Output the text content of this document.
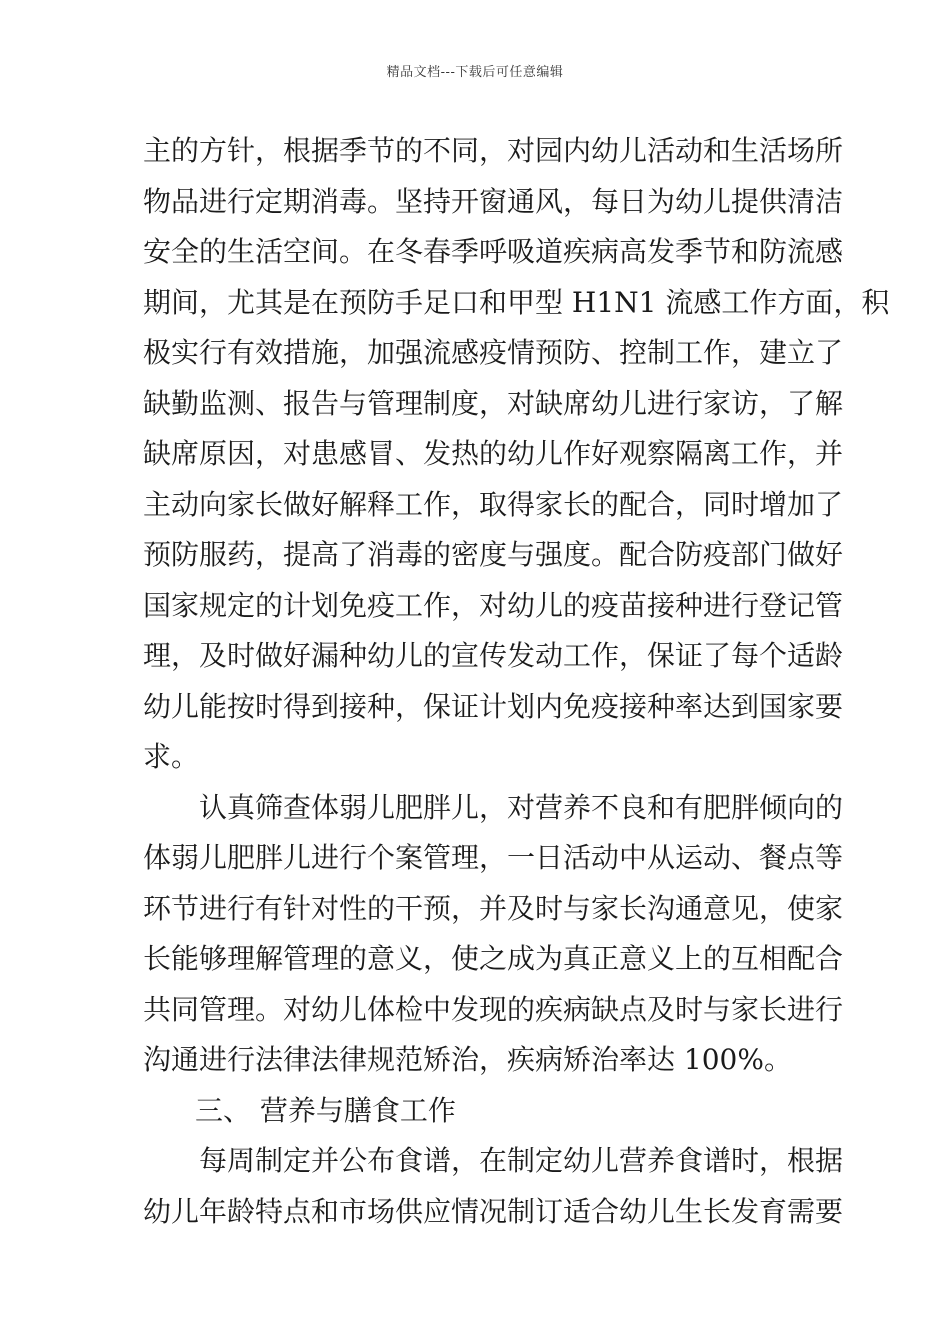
精品文档---下载后可任意编辑
主的方针，根据季节的不同，对园内幼儿活动和生活场所
物品进行定期消毒。坚持开窗通风，每日为幼儿提供清洁
安全的生活空间。在冬春季呼吸道疾病高发季节和防流感
期间，尤其是在预防手足口和甲型 H1N1 流感工作方面，积
极实行有效措施，加强流感疫情预防、控制工作，建立了
缺勤监测、报告与管理制度，对缺席幼儿进行家访，了解
缺席原因，对患感冒、发热的幼儿作好观察隔离工作，并
主动向家长做好解释工作，取得家长的配合，同时增加了
预防服药，提高了消毒的密度与强度。配合防疫部门做好
国家规定的计划免疫工作，对幼儿的疫苗接种进行登记管
理，及时做好漏种幼儿的宣传发动工作，保证了每个适龄
幼儿能按时得到接种，保证计划内免疫接种率达到国家要
求。
认真筛查体弱儿肥胖儿，对营养不良和有肥胖倾向的
体弱儿肥胖儿进行个案管理，一日活动中从运动、餐点等
环节进行有针对性的干预，并及时与家长沟通意见，使家
长能够理解管理的意义，使之成为真正意义上的互相配合
共同管理。对幼儿体检中发现的疾病缺点及时与家长进行
沟通进行法律法律规范矫治，疾病矫治率达 100%。
三、 营养与膳食工作
每周制定并公布食谱，在制定幼儿营养食谱时，根据
幼儿年龄特点和市场供应情况制订适合幼儿生长发育需要
